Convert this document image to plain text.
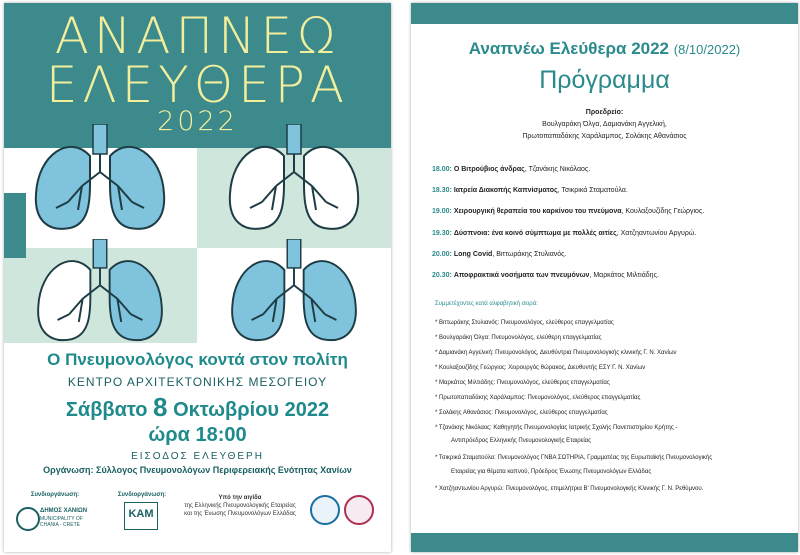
ΑΝΑΠΝΕΩ
ΕΛΕΥΘΕΡΑ
2022
Ο Πνευμονολόγος κοντά στον πολίτη
ΚΕΝΤΡΟ ΑΡΧΙΤΕΚΤΟΝΙΚΗΣ ΜΕΣΟΓΕΙΟΥ
Σάββατο 8 Οκτωβρίου 2022
ώρα 18:00
ΕΙΣΟΔΟΣ ΕΛΕΥΘΕΡΗ
Οργάνωση: Σύλλογος Πνευμονολόγων Περιφερειακής Ενότητας Χανίων
Συνδιοργάνωση:
ΔΗΜΟΣ ΧΑΝΙΩΝ
MUNICIPALITY OF CHANIA - CRETE
Συνδιοργάνωση:
ΚΑΜ
Υπό την αιγίδα
της Ελληνικής Πνευμονολογικής Εταιρείας
και της Ένωσης Πνευμονολόγων Ελλάδας
Αναπνέω Ελεύθερα 2022 (8/10/2022)
Πρόγραμμα
Προεδρείο:
Βουλγαράκη Όλγα, Δαμιανάκη Αγγελική,
Πρωτοπαπαδάκης Χαράλαμπος, Σολάκης Αθανάσιος
18.00: Ο Βιτρούβιος άνδρας, Τζανάκης Νικόλαος.
18.30: Ιατρεία Διακοπής Καπνίσματος, Τσικρικά Σταματούλα.
19.00: Χειρουργική θεραπεία του καρκίνου του πνεύμονα, Κουλαξουζίδης Γεώργιος.
19.30: Δύσπνοια: ένα κοινό σύμπτωμα με πολλές αιτίες, Χατζηαντωνίου Αργυρώ.
20.00: Long Covid, Βιττωράκης Στυλιανός.
20.30: Αποφρακτικά νοσήματα των πνευμόνων, Μαρκάτος Μιλτιάδης.
Συμμετέχοντες κατά αλφαβητική σειρά:
* Βιττωράκης Στυλιανός: Πνευμονολόγος, ελεύθερος επαγγελματίας
* Βουλγαράκη Όλγα: Πνευμονολόγος, ελεύθερη επαγγελματίας
* Δαμιανάκη Αγγελική: Πνευμονολόγος, Διευθύντρια Πνευμονολογικής κλινικής Γ. Ν. Χανίων
* Κουλαξουζίδης Γεώργιος: Χειρουργός θώρακος, Διευθυντής ΕΣΥ Γ. Ν. Χανίων
* Μαρκάτος Μιλτιάδης: Πνευμονολόγος, ελεύθερος επαγγελματίας
* Πρωτοπαπαδάκης Χαράλαμπος: Πνευμονολόγος, ελεύθερος επαγγελματίας
* Σολάκης Αθανάσιος: Πνευμονολόγος, ελεύθερος επαγγελματίας
* Τζανάκης Νικόλαος: Καθηγητής Πνευμονολογίας Ιατρικής Σχολής Πανεπιστημίου Κρήτης -
Αντιπρόεδρος Ελληνικής Πνευμονολογικής Εταιρείας
* Τσικρικά Σταματούλα: Πνευμονολόγος ΓΝΒΑ ΣΩΤΗΡΙΑ, Γραμματέας της Ευρωπαϊκής Πνευμονολογικής
Εταιρείας για θέματα καπνού, Πρόεδρος Ένωσης Πνευμονολόγων Ελλάδας
* Χατζηαντωνίου Αργυρώ: Πνευμονολόγος, επιμελήτρια Β' Πνευμονολογικής Κλινικής Γ. Ν. Ρεθύμνου.
